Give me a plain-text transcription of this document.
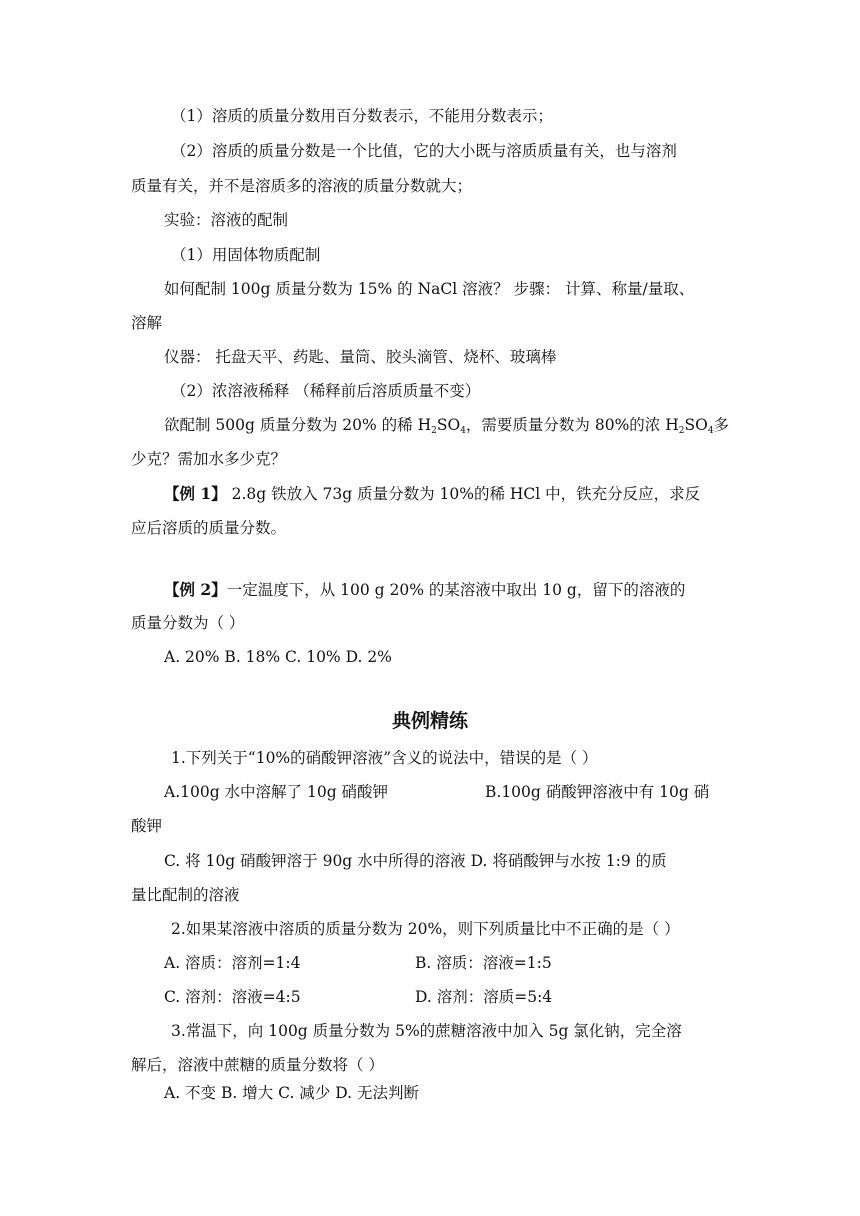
（1）溶质的质量分数用百分数表示，不能用分数表示；
（2）溶质的质量分数是一个比值，它的大小既与溶质质量有关，也与溶剂
质量有关，并不是溶质多的溶液的质量分数就大；
实验：溶液的配制
（1）用固体物质配制
如何配制 100g 质量分数为 15% 的 NaCl 溶液？ 步骤： 计算、称量/量取、
溶解
仪器： 托盘天平、药匙、量筒、胶头滴管、烧杯、玻璃棒
（2）浓溶液稀释 （稀释前后溶质质量不变）
欲配制 500g 质量分数为 20% 的稀 $H_2SO_4$，需要质量分数为 80%的浓 $H_2SO_4$多
少克？需加水多少克？
【例 1】 2.8g 铁放入 73g 质量分数为 10%的稀 HCl 中，铁充分反应，求反
应后溶质的质量分数。
【例 2】一定温度下，从 100 g 20% 的某溶液中取出 10 g，留下的溶液的
质量分数为（ ）
A. 20% B. 18% C. 10% D. 2%
典例精练
1.下列关于“10%的硝酸钾溶液”含义的说法中，错误的是（ ）
A.100g 水中溶解了 10g 硝酸钾	B.100g 硝酸钾溶液中有 10g 硝
酸钾
C. 将 10g 硝酸钾溶于 90g 水中所得的溶液 D. 将硝酸钾与水按 1:9 的质
量比配制的溶液
2.如果某溶液中溶质的质量分数为 20%，则下列质量比中不正确的是（ ）
A. 溶质：溶剂=1:4	B. 溶质：溶液=1:5
C. 溶剂：溶液=4:5	D. 溶剂：溶质=5:4
3.常温下，向 100g 质量分数为 5%的蔗糖溶液中加入 5g 氯化钠，完全溶
解后，溶液中蔗糖的质量分数将（ ）
A. 不变 B. 增大 C. 减少 D. 无法判断
